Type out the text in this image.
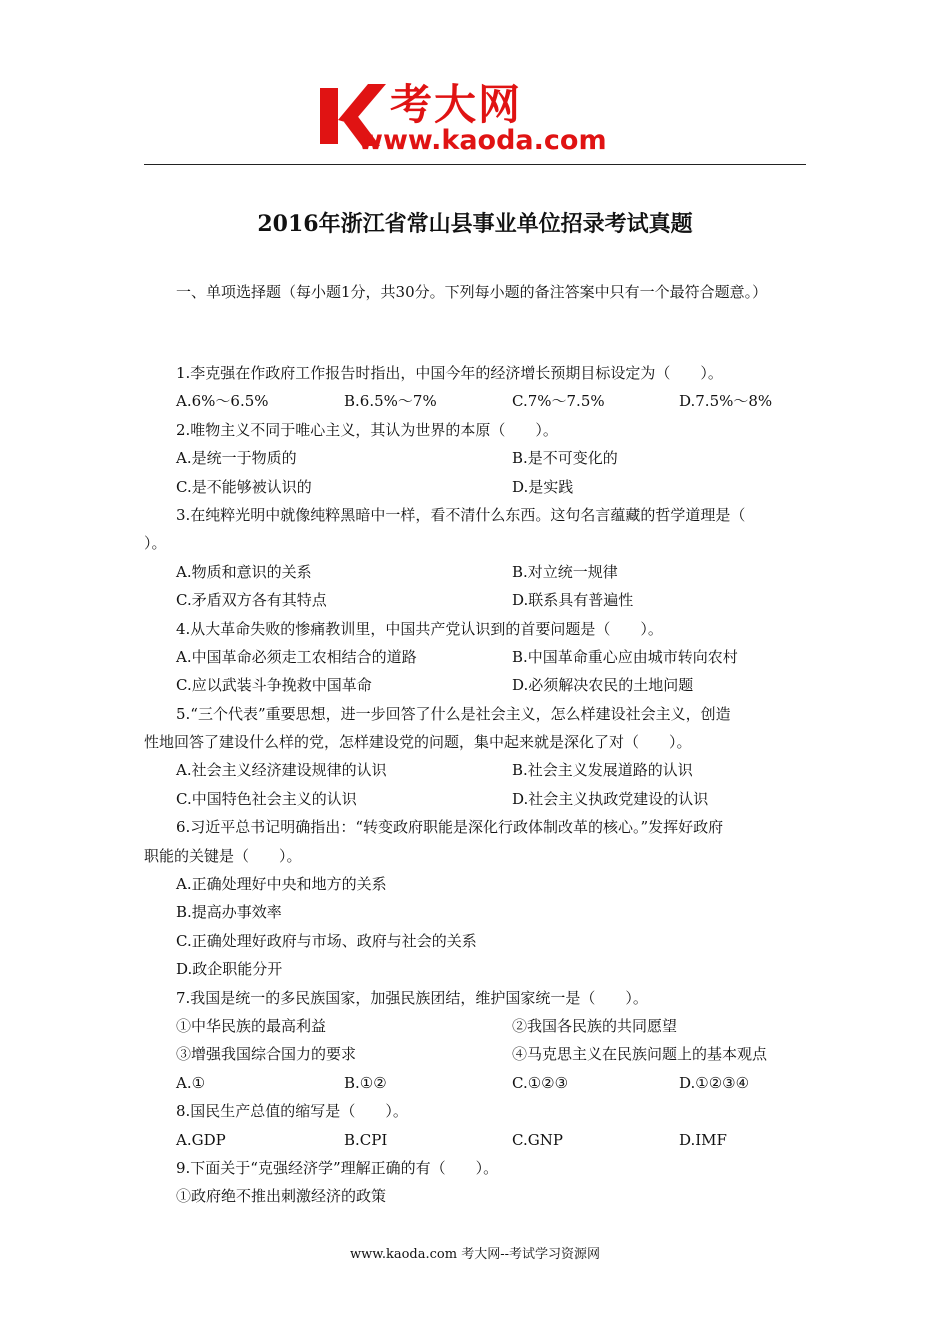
考大网
www.kaoda.com
2016年浙江省常山县事业单位招录考试真题
一、单项选择题（每小题1分，共30分。下列每小题的备注答案中只有一个最符合题意。）
1.李克强在作政府工作报告时指出，中国今年的经济增长预期目标设定为（　　）。
A.6%～6.5%	B.6.5%～7%	C.7%～7.5%	D.7.5%～8%
2.唯物主义不同于唯心主义，其认为世界的本原（　　）。
A.是统一于物质的	B.是不可变化的
C.是不能够被认识的	D.是实践
3.在纯粹光明中就像纯粹黑暗中一样，看不清什么东西。这句名言蕴藏的哲学道理是（
）。
A.物质和意识的关系	B.对立统一规律
C.矛盾双方各有其特点	D.联系具有普遍性
4.从大革命失败的惨痛教训里，中国共产党认识到的首要问题是（　　）。
A.中国革命必须走工农相结合的道路	B.中国革命重心应由城市转向农村
C.应以武装斗争挽救中国革命	D.必须解决农民的土地问题
5.“三个代表”重要思想，进一步回答了什么是社会主义，怎么样建设社会主义，创造
性地回答了建设什么样的党，怎样建设党的问题，集中起来就是深化了对（　　）。
A.社会主义经济建设规律的认识	B.社会主义发展道路的认识
C.中国特色社会主义的认识	D.社会主义执政党建设的认识
6.习近平总书记明确指出：“转变政府职能是深化行政体制改革的核心。”发挥好政府
职能的关键是（　　）。
A.正确处理好中央和地方的关系
B.提高办事效率
C.正确处理好政府与市场、政府与社会的关系
D.政企职能分开
7.我国是统一的多民族国家，加强民族团结，维护国家统一是（　　）。
①中华民族的最高利益	②我国各民族的共同愿望
③增强我国综合国力的要求	④马克思主义在民族问题上的基本观点
A.①	B.①②	C.①②③	D.①②③④
8.国民生产总值的缩写是（　　）。
A.GDP	B.CPI	C.GNP	D.IMF
9.下面关于“克强经济学”理解正确的有（　　）。
①政府绝不推出刺激经济的政策
www.kaoda.com 考大网--考试学习资源网
